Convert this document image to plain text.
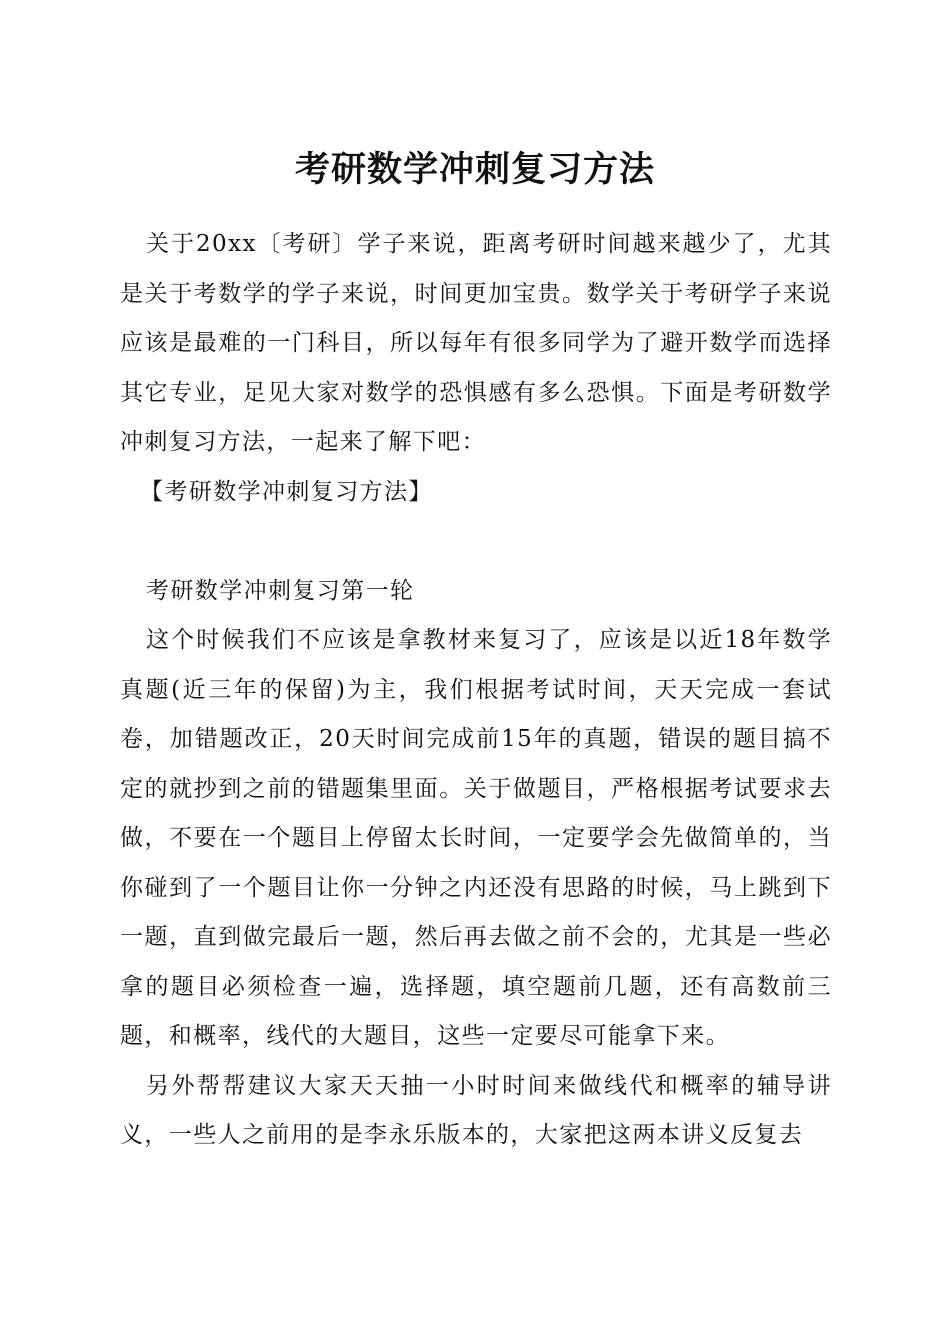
考研数学冲刺复习方法

关于20xx〔考研〕学子来说，距离考研时间越来越少了，尤其是关于考数学的学子来说，时间更加宝贵。数学关于考研学子来说应该是最难的一门科目，所以每年有很多同学为了避开数学而选择其它专业，足见大家对数学的恐惧感有多么恐惧。下面是考研数学冲刺复习方法，一起来了解下吧：

【考研数学冲刺复习方法】

考研数学冲刺复习第一轮

这个时候我们不应该是拿教材来复习了，应该是以近18年数学真题(近三年的保留)为主，我们根据考试时间，天天完成一套试卷，加错题改正，20天时间完成前15年的真题，错误的题目搞不定的就抄到之前的错题集里面。关于做题目，严格根据考试要求去做，不要在一个题目上停留太长时间，一定要学会先做简单的，当你碰到了一个题目让你一分钟之内还没有思路的时候，马上跳到下一题，直到做完最后一题，然后再去做之前不会的，尤其是一些必拿的题目必须检查一遍，选择题，填空题前几题，还有高数前三题，和概率，线代的大题目，这些一定要尽可能拿下来。

另外帮帮建议大家天天抽一小时时间来做线代和概率的辅导讲义，一些人之前用的是李永乐版本的，大家把这两本讲义反复去
